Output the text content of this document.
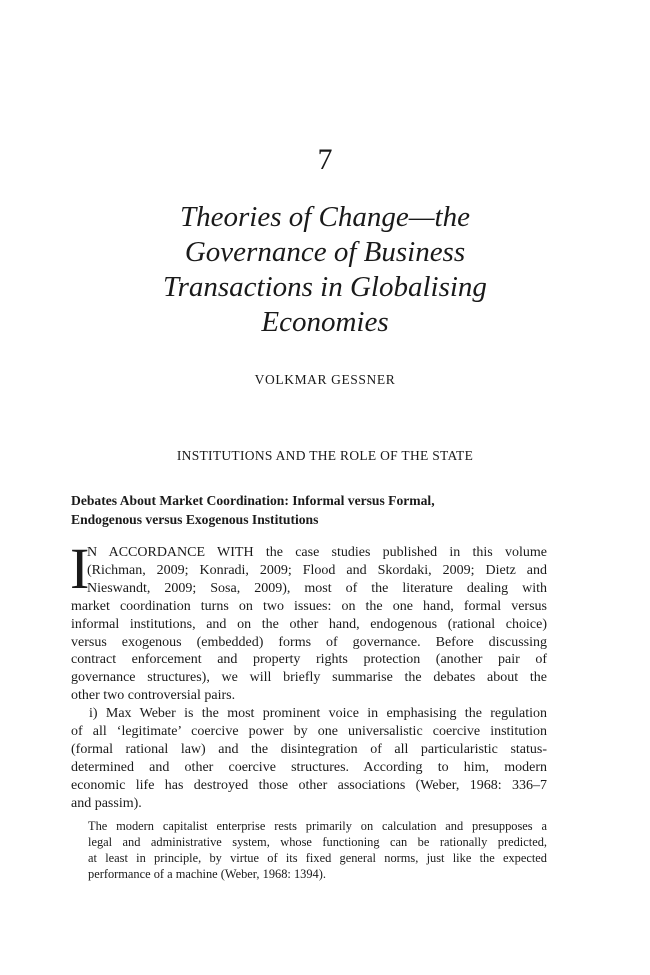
7
Theories of Change—the
Governance of Business
Transactions in Globalising
Economies
VOLKMAR GESSNER
INSTITUTIONS AND THE ROLE OF THE STATE
Debates About Market Coordination: Informal versus Formal,
Endogenous versus Exogenous Institutions
I
N ACCORDANCE WITH the case studies published in this volume
(Richman, 2009; Konradi, 2009; Flood and Skordaki, 2009; Dietz and
Nieswandt, 2009; Sosa, 2009), most of the literature dealing with
market coordination turns on two issues: on the one hand, formal versus
informal institutions, and on the other hand, endogenous (rational choice)
versus exogenous (embedded) forms of governance. Before discussing
contract enforcement and property rights protection (another pair of
governance structures), we will briefly summarise the debates about the
other two controversial pairs.
i) Max Weber is the most prominent voice in emphasising the regulation
of all ‘legitimate’ coercive power by one universalistic coercive institution
(formal rational law) and the disintegration of all particularistic status-
determined and other coercive structures. According to him, modern
economic life has destroyed those other associations (Weber, 1968: 336–7
and passim).
The modern capitalist enterprise rests primarily on calculation and presupposes a
legal and administrative system, whose functioning can be rationally predicted,
at least in principle, by virtue of its fixed general norms, just like the expected
performance of a machine (Weber, 1968: 1394).
